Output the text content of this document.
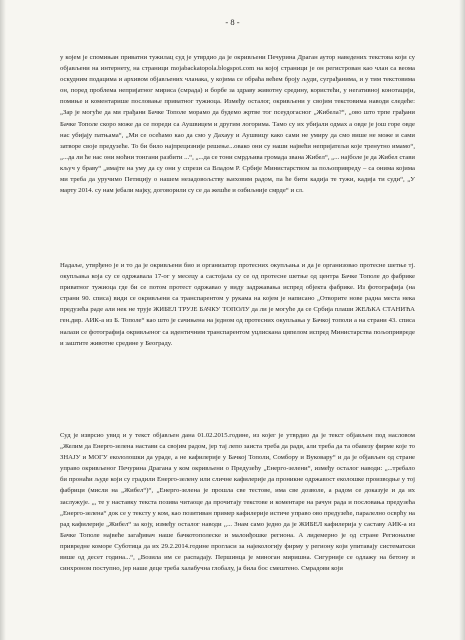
- 8 -

у којем је спомињан приватни тужилац суд је утврдио да је окривљени Печурина Драган аутор наведених текстова који су објављени на интернету, на страници mojabackatopola.blogspot.com на којој страници је он регистрован као члан са веома оскудним подацима и архивом објављених чланака, у којима се обраћа већем броју људи, суграђанима, и у тим текстовима он, поред проблема непријатног мириса (смрада) и борбе за здраву животну средину, користећи, у негативној конотацији, помиње и коментарише пословање приватног тужиоца. Између осталог, окривљени у својим текстовима наводи следеће: „Зар је могуће да ми грађани Бачке Тополе морамо да будемо жртве тог псеудогасног „Жибела?“, „ово што трпе грађани Бачке Тополе скоро може да се пореди са Аушвицем и другим логорима. Тамо су их убијали одмах а овде је још горе овде нас убијају патњама“, „Ми се осећамо као да смо у Дахауу и Аушвицу како сами не умиру да смо више не може и сами затворе своје предузеће. То би било најпрецизније решење...овако они су наши највећи непријатељи које тренутно имамо“, „...да ли ће нас они моћни тонгани разбити ...“, „...да се тони смрдљива громада звана Жибел“, „... најболе је да Жибел стави кључ у браву“ „имајте на уму да су они у спрези са Владом Р. Србије Министарством за пољопривреду – са онима којима ми треба да уручимо Петицију о нашем незадовољству њиховим радом, па ће бити кадија те тужи, кадија ти суди“, „У марту 2014. су нам јебали мајку, договорили су се да жешће и озбиљније смрде“ и сл.

Надаље, утврђено је и то да је окривљени био и организатор протесних окупљања и да је организовао протесне шетње тј. окупљања која су се одржавала 17-ог у месецу а састојала су се од протесне шетње од центра Бачке Тополе до фабрике приватног тужиоца где би се потом протест одржавао у виду задржавања испред објекта фабрике. Из фотографија (на страни 90. списа) види се окривљени са транспарентом у рукама на којем је написано „Отворите нове радна места нека предузећа раде али нек не трује ЖИБЕЛ ТРУЈЕ БАЧКУ ТОПОЛУ да ли је могуће да се Србија плаши ЖЕЉКА СТАНИЋА ген.дир. АИК-а из Б. Тополе“ као што је сачињена на једном од протесних окупљања у Бачкој тополи а на страни 43. списа налази се фотографија окривљеног са идентичним транспарентом уцлискана ципелом испред Министарства пољопривреде и заштите животне средине у Београду.

Суд је изврсио увид и у текст објављен дана 01.02.2015.године, из којег је утврдио да је текст објављен под насловом „Желим да Енерго-зелена настави са својим радом, јер тај лепо заиста треба да ради, али треба да та обавезу фирме које то ЗНАЈУ и МОГУ екололошки да ураде, а не кафилерије у Бачкој Тополи, Сомбору и Вуковару“ и да је објављен од стране управо окривљеног Печурина Драгана у ком окривљени о Предузећу „Енерго-зелени“, између осталог наводи: „...требало би пронаћи људе који су градили Енерго-зелену или сличне кафилерије да проникне одржавост еколошке производње у тој фабрици (мисли на „Жибел“)“, „Енерго-зелена је прошла све тестове, има све дозволе, а радом се доказује и да их заслужује. „, те у наставку текста позива читаоце да прочитају текстове и коментаре на рачун рада и пословања предузећа „Енерго-зелена“ док се у тексту у ком, као позитиван пример кафилерије истиче управо ово предузеће, паралелно осврћу на рад кафилерије „Жибел“ за коју, између осталог наводи ,,... Знам само једно да је ЖИБЕЛ кафилерија у саставу АИК-а из Бачке Тополе највеће загађивач наше бачкотополеске и малоиђошке регионa. А лидемерно је од стране Регионалне привредне коморе Суботица да их 29.2.2014.године прогласи за најекологију фирму у региону који упитавају систематски више од десет година...“, „Возила им се распадају. Першинца је миноган миришна. Сигурније се одлажу на бетону и синхроном поступно, јер наше деце треба халабучна глобалу, ја била бос смештено. Смрадови који
